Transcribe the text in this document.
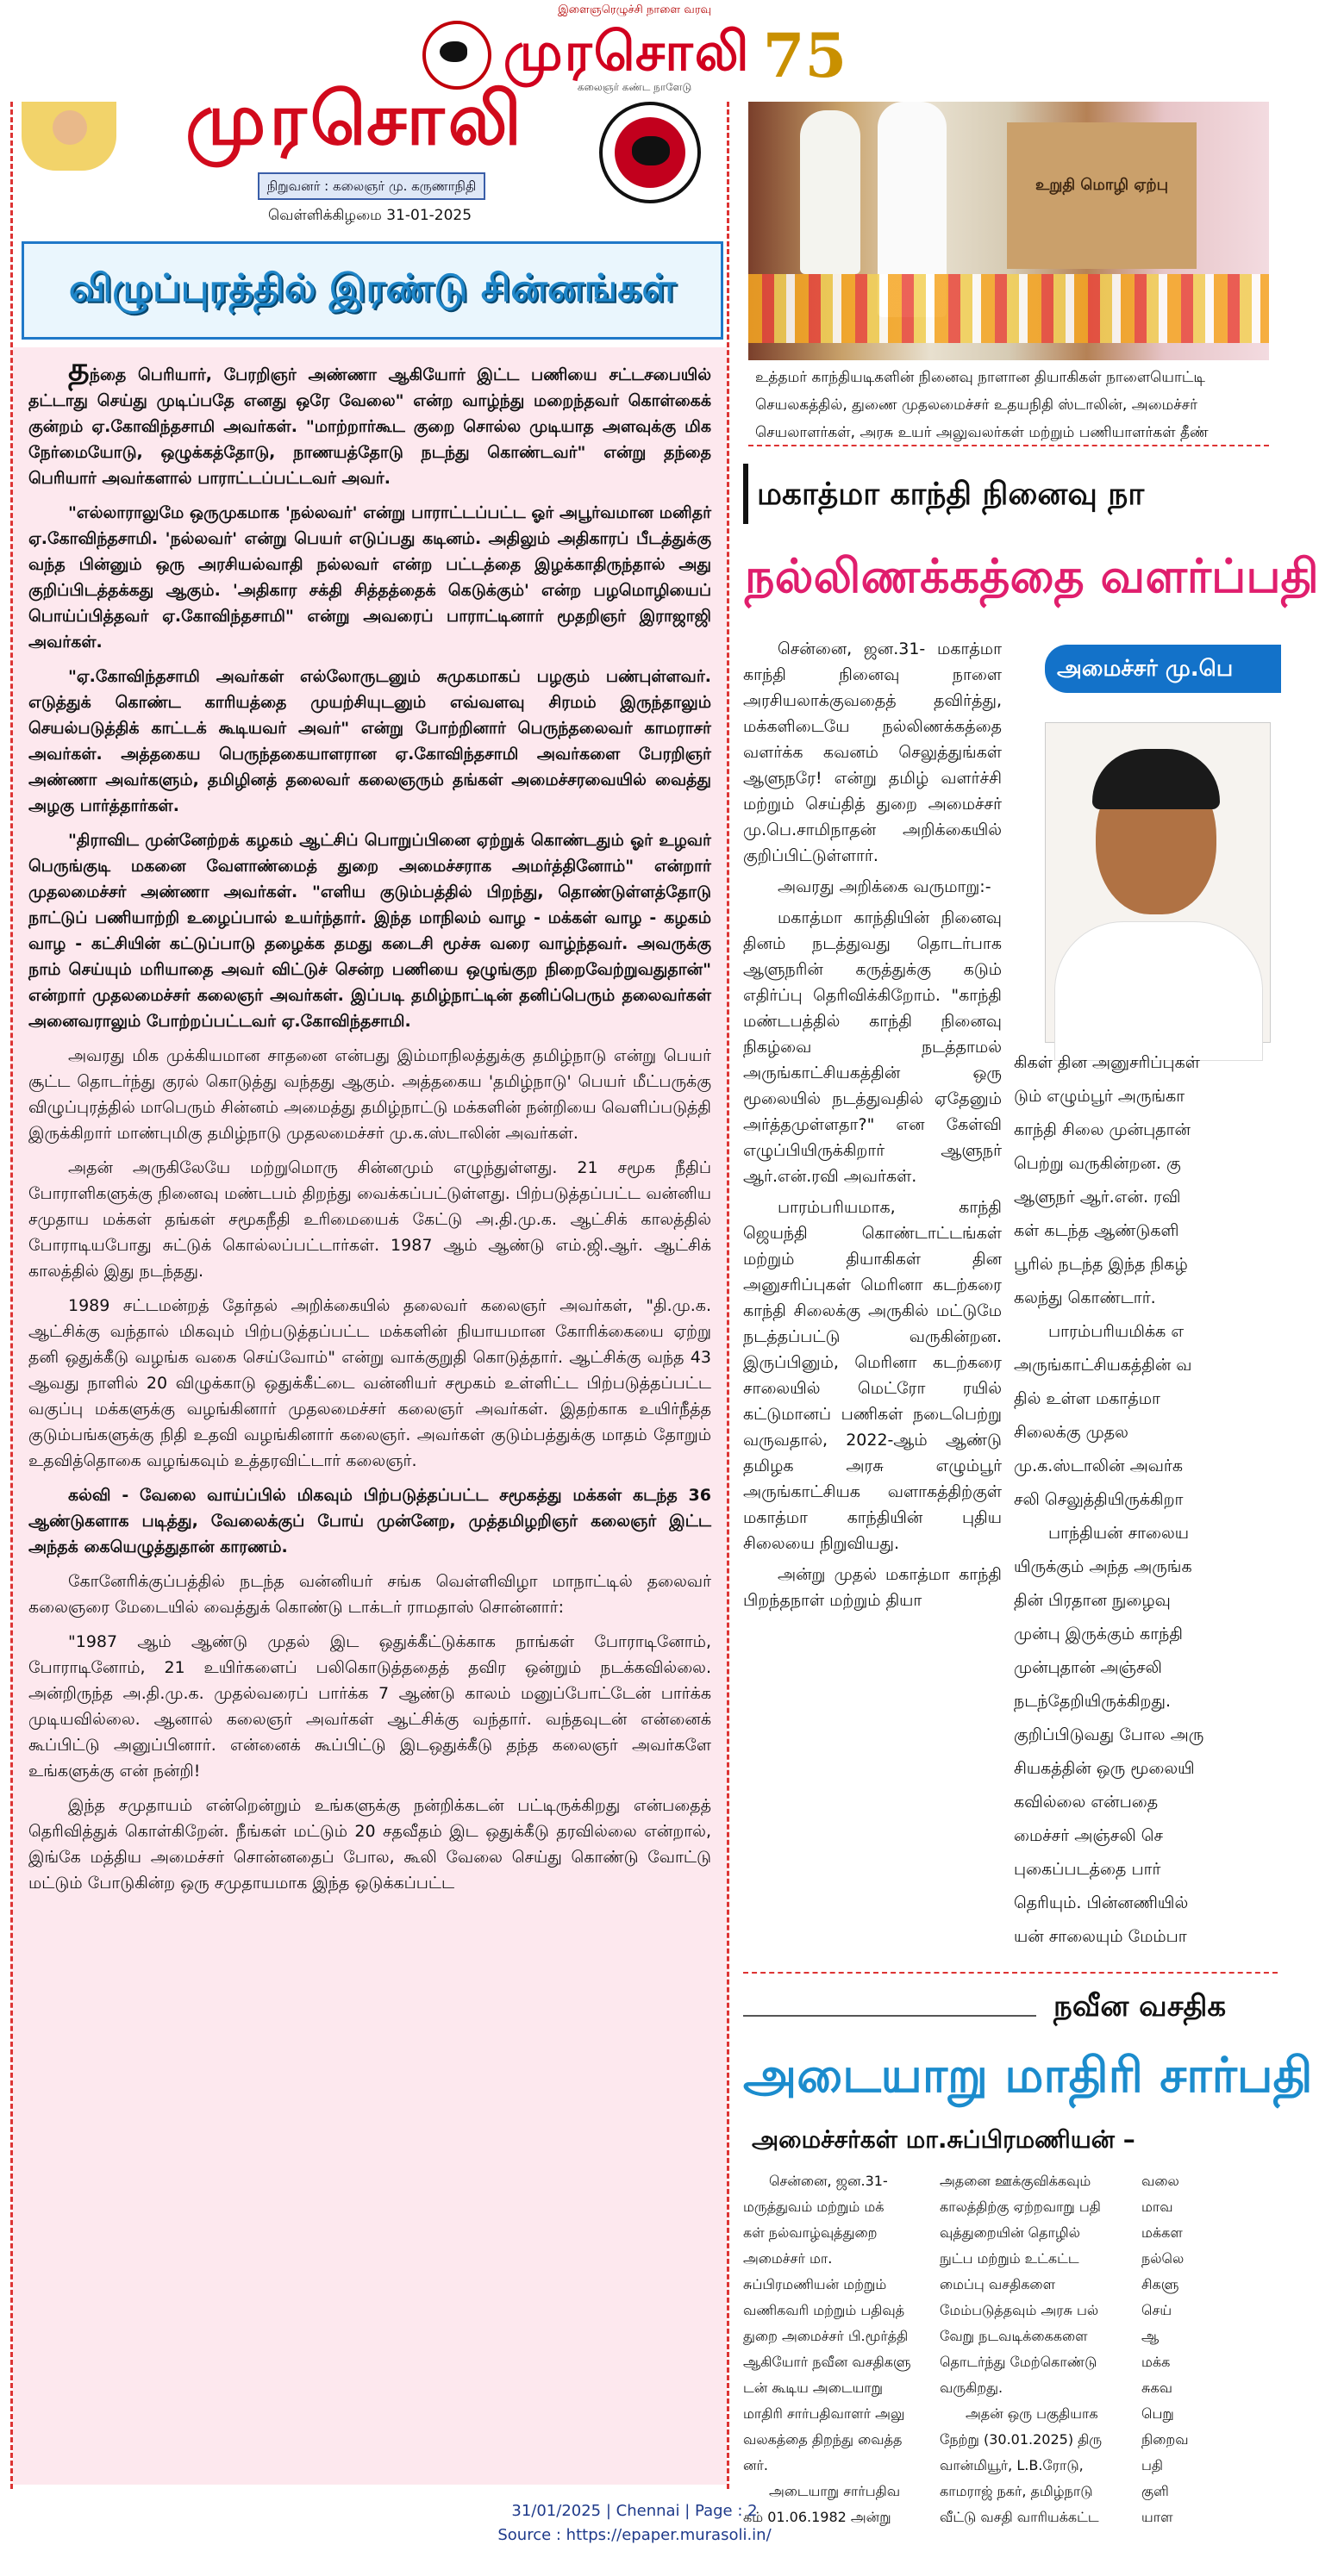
இளைஞரெழுச்சி நாளை வரவு
முரசொலி 75
கலைஞர் கண்ட நாளேடு
முரசொலி
நிறுவனர் : கலைஞர் மு. கருணாநிதி
வெள்ளிக்கிழமை 31-01-2025
விழுப்புரத்தில் இரண்டு சின்னங்கள்

தந்தை பெரியார், பேரறிஞர் அண்ணா ஆகியோர் இட்ட பணியை சட்டசபையில் தட்டாது செய்து முடிப்பதே எனது ஒரே வேலை" என்ற வாழ்ந்து மறைந்தவர் கொள்கைக் குன்றம் ஏ.கோவிந்தசாமி அவர்கள். "மாற்றார்கூட குறை சொல்ல முடியாத அளவுக்கு மிக நேர்மையோடு, ஒழுக்கத்தோடு, நாணயத்தோடு நடந்து கொண்டவர்" என்று தந்தை பெரியார் அவர்களால் பாராட்டப்பட்டவர் அவர்.

"எல்லாராலுமே ஒருமுகமாக 'நல்லவர்' என்று பாராட்டப்பட்ட ஓர் அபூர்வமான மனிதர் ஏ.கோவிந்தசாமி. 'நல்லவர்' என்று பெயர் எடுப்பது கடினம். அதிலும் அதிகாரப் பீடத்துக்கு வந்த பின்னும் ஒரு அரசியல்வாதி நல்லவர் என்ற பட்டத்தை இழக்காதிருந்தால் அது குறிப்பிடத்தக்கது ஆகும். 'அதிகார சக்தி சித்தத்தைக் கெடுக்கும்' என்ற பழமொழியைப் பொய்ப்பித்தவர் ஏ.கோவிந்தசாமி" என்று அவரைப் பாராட்டினார் மூதறிஞர் இராஜாஜி அவர்கள்.

"ஏ.கோவிந்தசாமி அவர்கள் எல்லோருடனும் சுமுகமாகப் பழகும் பண்புள்ளவர். எடுத்துக் கொண்ட காரியத்தை முயற்சியுடனும் எவ்வளவு சிரமம் இருந்தாலும் செயல்படுத்திக் காட்டக் கூடியவர் அவர்" என்று போற்றினார் பெருந்தலைவர் காமராசர் அவர்கள். அத்தகைய பெருந்தகையாளரான ஏ.கோவிந்தசாமி அவர்களை பேரறிஞர் அண்ணா அவர்களும், தமிழினத் தலைவர் கலைஞரும் தங்கள் அமைச்சரவையில் வைத்து அழகு பார்த்தார்கள்.

"திராவிட முன்னேற்றக் கழகம் ஆட்சிப் பொறுப்பினை ஏற்றுக் கொண்டதும் ஓர் உழவர் பெருங்குடி மகனை வேளாண்மைத் துறை அமைச்சராக அமர்த்தினோம்" என்றார் முதலமைச்சர் அண்ணா அவர்கள். "எளிய குடும்பத்தில் பிறந்து, தொண்டுள்ளத்தோடு நாட்டுப் பணியாற்றி உழைப்பால் உயர்ந்தார். இந்த மாநிலம் வாழ - மக்கள் வாழ - கழகம் வாழ - கட்சியின் கட்டுப்பாடு தழைக்க தமது கடைசி மூச்சு வரை வாழ்ந்தவர். அவருக்கு நாம் செய்யும் மரியாதை அவர் விட்டுச் சென்ற பணியை ஒழுங்குற நிறைவேற்றுவதுதான்" என்றார் முதலமைச்சர் கலைஞர் அவர்கள். இப்படி தமிழ்நாட்டின் தனிப்பெரும் தலைவர்கள் அனைவராலும் போற்றப்பட்டவர் ஏ.கோவிந்தசாமி.

அவரது மிக முக்கியமான சாதனை என்பது இம்மாநிலத்துக்கு தமிழ்நாடு என்று பெயர் சூட்ட தொடர்ந்து குரல் கொடுத்து வந்தது ஆகும். அத்தகைய 'தமிழ்நாடு' பெயர் மீட்பருக்கு விழுப்புரத்தில் மாபெரும் சின்னம் அமைத்து தமிழ்நாட்டு மக்களின் நன்றியை வெளிப்படுத்தி இருக்கிறார் மாண்புமிகு தமிழ்நாடு முதலமைச்சர் மு.க.ஸ்டாலின் அவர்கள்.

அதன் அருகிலேயே மற்றுமொரு சின்னமும் எழுந்துள்ளது. 21 சமூக நீதிப் போராளிகளுக்கு நினைவு மண்டபம் திறந்து வைக்கப்பட்டுள்ளது. பிற்படுத்தப்பட்ட வன்னிய சமுதாய மக்கள் தங்கள் சமூகநீதி உரிமையைக் கேட்டு அ.தி.மு.க. ஆட்சிக் காலத்தில் போராடியபோது சுட்டுக் கொல்லப்பட்டார்கள். 1987 ஆம் ஆண்டு எம்.ஜி.ஆர். ஆட்சிக் காலத்தில் இது நடந்தது.

1989 சட்டமன்றத் தேர்தல் அறிக்கையில் தலைவர் கலைஞர் அவர்கள், "தி.மு.க. ஆட்சிக்கு வந்தால் மிகவும் பிற்படுத்தப்பட்ட மக்களின் நியாயமான கோரிக்கையை ஏற்று தனி ஒதுக்கீடு வழங்க வகை செய்வோம்" என்று வாக்குறுதி கொடுத்தார். ஆட்சிக்கு வந்த 43 ஆவது நாளில் 20 விழுக்காடு ஒதுக்கீட்டை வன்னியர் சமூகம் உள்ளிட்ட பிற்படுத்தப்பட்ட வகுப்பு மக்களுக்கு வழங்கினார் முதலமைச்சர் கலைஞர் அவர்கள். இதற்காக உயிர்நீத்த குடும்பங்களுக்கு நிதி உதவி வழங்கினார் கலைஞர். அவர்கள் குடும்பத்துக்கு மாதம் தோறும் உதவித்தொகை வழங்கவும் உத்தரவிட்டார் கலைஞர்.

கல்வி - வேலை வாய்ப்பில் மிகவும் பிற்படுத்தப்பட்ட சமூகத்து மக்கள் கடந்த 36 ஆண்டுகளாக படித்து, வேலைக்குப் போய் முன்னேற, முத்தமிழறிஞர் கலைஞர் இட்ட அந்தக் கையெழுத்துதான் காரணம்.

கோனேரிக்குப்பத்தில் நடந்த வன்னியர் சங்க வெள்ளிவிழா மாநாட்டில் தலைவர் கலைஞரை மேடையில் வைத்துக் கொண்டு டாக்டர் ராமதாஸ் சொன்னார்:

"1987 ஆம் ஆண்டு முதல் இட ஒதுக்கீட்டுக்காக நாங்கள் போராடினோம், போராடினோம், 21 உயிர்களைப் பலிகொடுத்ததைத் தவிர ஒன்றும் நடக்கவில்லை. அன்றிருந்த அ.தி.மு.க. முதல்வரைப் பார்க்க 7 ஆண்டு காலம் மனுப்போட்டேன் பார்க்க முடியவில்லை. ஆனால் கலைஞர் அவர்கள் ஆட்சிக்கு வந்தார். வந்தவுடன் என்னைக் கூப்பிட்டு அனுப்பினார். என்னைக் கூப்பிட்டு இடஒதுக்கீடு தந்த கலைஞர் அவர்களே உங்களுக்கு என் நன்றி!

இந்த சமுதாயம் என்றென்றும் உங்களுக்கு நன்றிக்கடன் பட்டிருக்கிறது என்பதைத் தெரிவித்துக் கொள்கிறேன். நீங்கள் மட்டும் 20 சதவீதம் இட ஒதுக்கீடு தரவில்லை என்றால், இங்கே மத்திய அமைச்சர் சொன்னதைப் போல, கூலி வேலை செய்து கொண்டு வோட்டு மட்டும் போடுகின்ற ஒரு சமுதாயமாக இந்த ஒடுக்கப்பட்ட

உறுதி மொழி ஏற்பு
உத்தமர் காந்தியடிகளின் நினைவு நாளான தியாகிகள் நாளையொட்டி
செயலகத்தில், துணை முதலமைச்சர் உதயநிதி ஸ்டாலின், அமைச்சர்
செயலாளர்கள், அரசு உயர் அலுவலர்கள் மற்றும் பணியாளர்கள் தீண்
மகாத்மா காந்தி நினைவு நா
நல்லிணக்கத்தை வளர்ப்பதி

சென்னை, ஜன.31- மகாத்மா காந்தி நினைவு நாளை அரசியலாக்குவதைத் தவிர்த்து, மக்களிடையே நல்லிணக்கத்தை வளர்க்க கவனம் செலுத்துங்கள் ஆளுநரே! என்று தமிழ் வளர்ச்சி மற்றும் செய்தித் துறை அமைச்சர் மு.பெ.சாமிநாதன் அறிக்கையில் குறிப்பிட்டுள்ளார்.

அவரது அறிக்கை வருமாறு:-

மகாத்மா காந்தியின் நினைவு தினம் நடத்துவது தொடர்பாக ஆளுநரின் கருத்துக்கு கடும் எதிர்ப்பு தெரிவிக்கிறோம். "காந்தி மண்டபத்தில் காந்தி நினைவு நிகழ்வை நடத்தாமல் அருங்காட்சியகத்தின் ஒரு மூலையில் நடத்துவதில் ஏதேனும் அர்த்தமுள்ளதா?" என கேள்வி எழுப்பியிருக்கிறார் ஆளுநர் ஆர்.என்.ரவி அவர்கள்.

பாரம்பரியமாக, காந்தி ஜெயந்தி கொண்டாட்டங்கள் மற்றும் தியாகிகள் தின அனுசரிப்புகள் மெரினா கடற்கரை காந்தி சிலைக்கு அருகில் மட்டுமே நடத்தப்பட்டு வருகின்றன. இருப்பினும், மெரினா கடற்கரை சாலையில் மெட்ரோ ரயில் கட்டுமானப் பணிகள் நடைபெற்று வருவதால், 2022-ஆம் ஆண்டு தமிழக அரசு எழும்பூர் அருங்காட்சியக வளாகத்திற்குள் மகாத்மா காந்தியின் புதிய சிலையை நிறுவியது.

அன்று முதல் மகாத்மா காந்தி பிறந்தநாள் மற்றும் தியா

அமைச்சர் மு.பெ

கிகள் தின அனுசரிப்புகள்

டும் எழும்பூர் அருங்கா

காந்தி சிலை முன்புதான்

பெற்று வருகின்றன. கு

ஆளுநர் ஆர்.என். ரவி

கள் கடந்த ஆண்டுகளி

பூரில் நடந்த இந்த நிகழ்

கலந்து கொண்டார்.

பாரம்பரியமிக்க எ

அருங்காட்சியகத்தின் வ

தில் உள்ள மகாத்மா

சிலைக்கு முதல

மு.க.ஸ்டாலின் அவர்க

சலி செலுத்தியிருக்கிறா

பாந்தியன் சாலைய

யிருக்கும் அந்த அருங்க

தின் பிரதான நுழைவு

முன்பு இருக்கும் காந்தி

முன்புதான் அஞ்சலி

நடந்தேறியிருக்கிறது.

குறிப்பிடுவது போல அரு

சியகத்தின் ஒரு மூலையி

கவில்லை என்பதை

மைச்சர் அஞ்சலி செ

புகைப்படத்தை பார்

தெரியும். பின்னணியில்

யன் சாலையும் மேம்பா

நவீன வசதிக
அடையாறு மாதிரி சார்பதி
அமைச்சர்கள் மா.சுப்பிரமணியன் –

சென்னை, ஜன.31-

மருத்துவம் மற்றும் மக்

கள் நல்வாழ்வுத்துறை

அமைச்சர் மா.

சுப்பிரமணியன் மற்றும்

வணிகவரி மற்றும் பதிவுத்

துறை அமைச்சர் பி.மூர்த்தி

ஆகியோர் நவீன வசதிகளு

டன் கூடிய அடையாறு

மாதிரி சார்பதிவாளர் அலு

வலகத்தை திறந்து வைத்த

னர்.

அடையாறு சார்பதிவ

கம் 01.06.1982 அன்று

அதனை ஊக்குவிக்கவும்

காலத்திற்கு ஏற்றவாறு பதி

வுத்துறையின் தொழில்

நுட்ப மற்றும் உட்கட்ட

மைப்பு வசதிகளை

மேம்படுத்தவும் அரசு பல்

வேறு நடவடிக்கைகளை

தொடர்ந்து மேற்கொண்டு

வருகிறது.

அதன் ஒரு பகுதியாக

நேற்று (30.01.2025) திரு

வான்மியூர், L.B.ரோடு,

காமராஜ் நகர், தமிழ்நாடு

வீட்டு வசதி வாரியக்கட்ட

வலை

மாவ

மக்கள

நல்லெ

சிகளு

செய்

ஆ

மக்க

சுகவ

பெறு

நிறைவ

பதி

குளி

யாள

31/01/2025 | Chennai | Page : 2
Source : https://epaper.murasoli.in/
